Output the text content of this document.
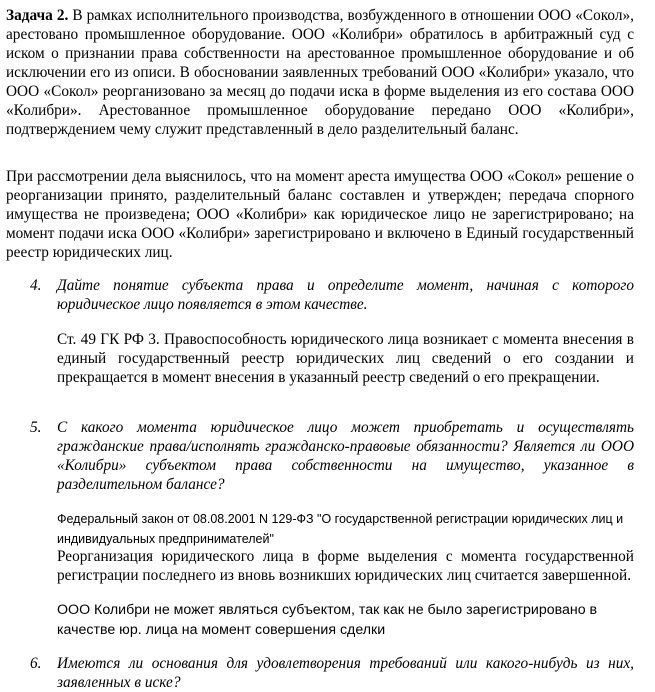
Задача 2. В рамках исполнительного производства, возбужденного в отношении ООО «Сокол», арестовано промышленное оборудование. ООО «Колибри» обратилось в арбитражный суд с иском о признании права собственности на арестованное промышленное оборудование и об исключении его из описи. В обосновании заявленных требований ООО «Колибри» указало, что ООО «Сокол» реорганизовано за месяц до подачи иска в форме выделения из его состава ООО «Колибри». Арестованное промышленное оборудование передано ООО «Колибри», подтверждением чему служит представленный в дело разделительный баланс.

При рассмотрении дела выяснилось, что на момент ареста имущества ООО «Сокол» решение о реорганизации принято, разделительный баланс составлен и утвержден; передача спорного имущества не произведена; ООО «Колибри» как юридическое лицо не зарегистрировано; на момент подачи иска ООО «Колибри» зарегистрировано и включено в Единый государственный реестр юридических лиц.

4. Дайте понятие субъекта права и определите момент, начиная с которого юридическое лицо появляется в этом качестве.

Ст. 49 ГК РФ 3. Правоспособность юридического лица возникает с момента внесения в единый государственный реестр юридических лиц сведений о его создании и прекращается в момент внесения в указанный реестр сведений о его прекращении.

5. С какого момента юридическое лицо может приобретать и осуществлять гражданские права/исполнять гражданско-правовые обязанности? Является ли ООО «Колибри» субъектом права собственности на имущество, указанное в разделительном балансе?

Федеральный закон от 08.08.2001 N 129-ФЗ "О государственной регистрации юридических лиц и индивидуальных предпринимателей"

Реорганизация юридического лица в форме выделения с момента государственной регистрации последнего из вновь возникших юридических лиц считается завершенной.

ООО Колибри не может являться субъектом, так как не было зарегистрировано в качестве юр. лица на момент совершения сделки

6. Имеются ли основания для удовлетворения требований или какого-нибудь из них, заявленных в иске?
